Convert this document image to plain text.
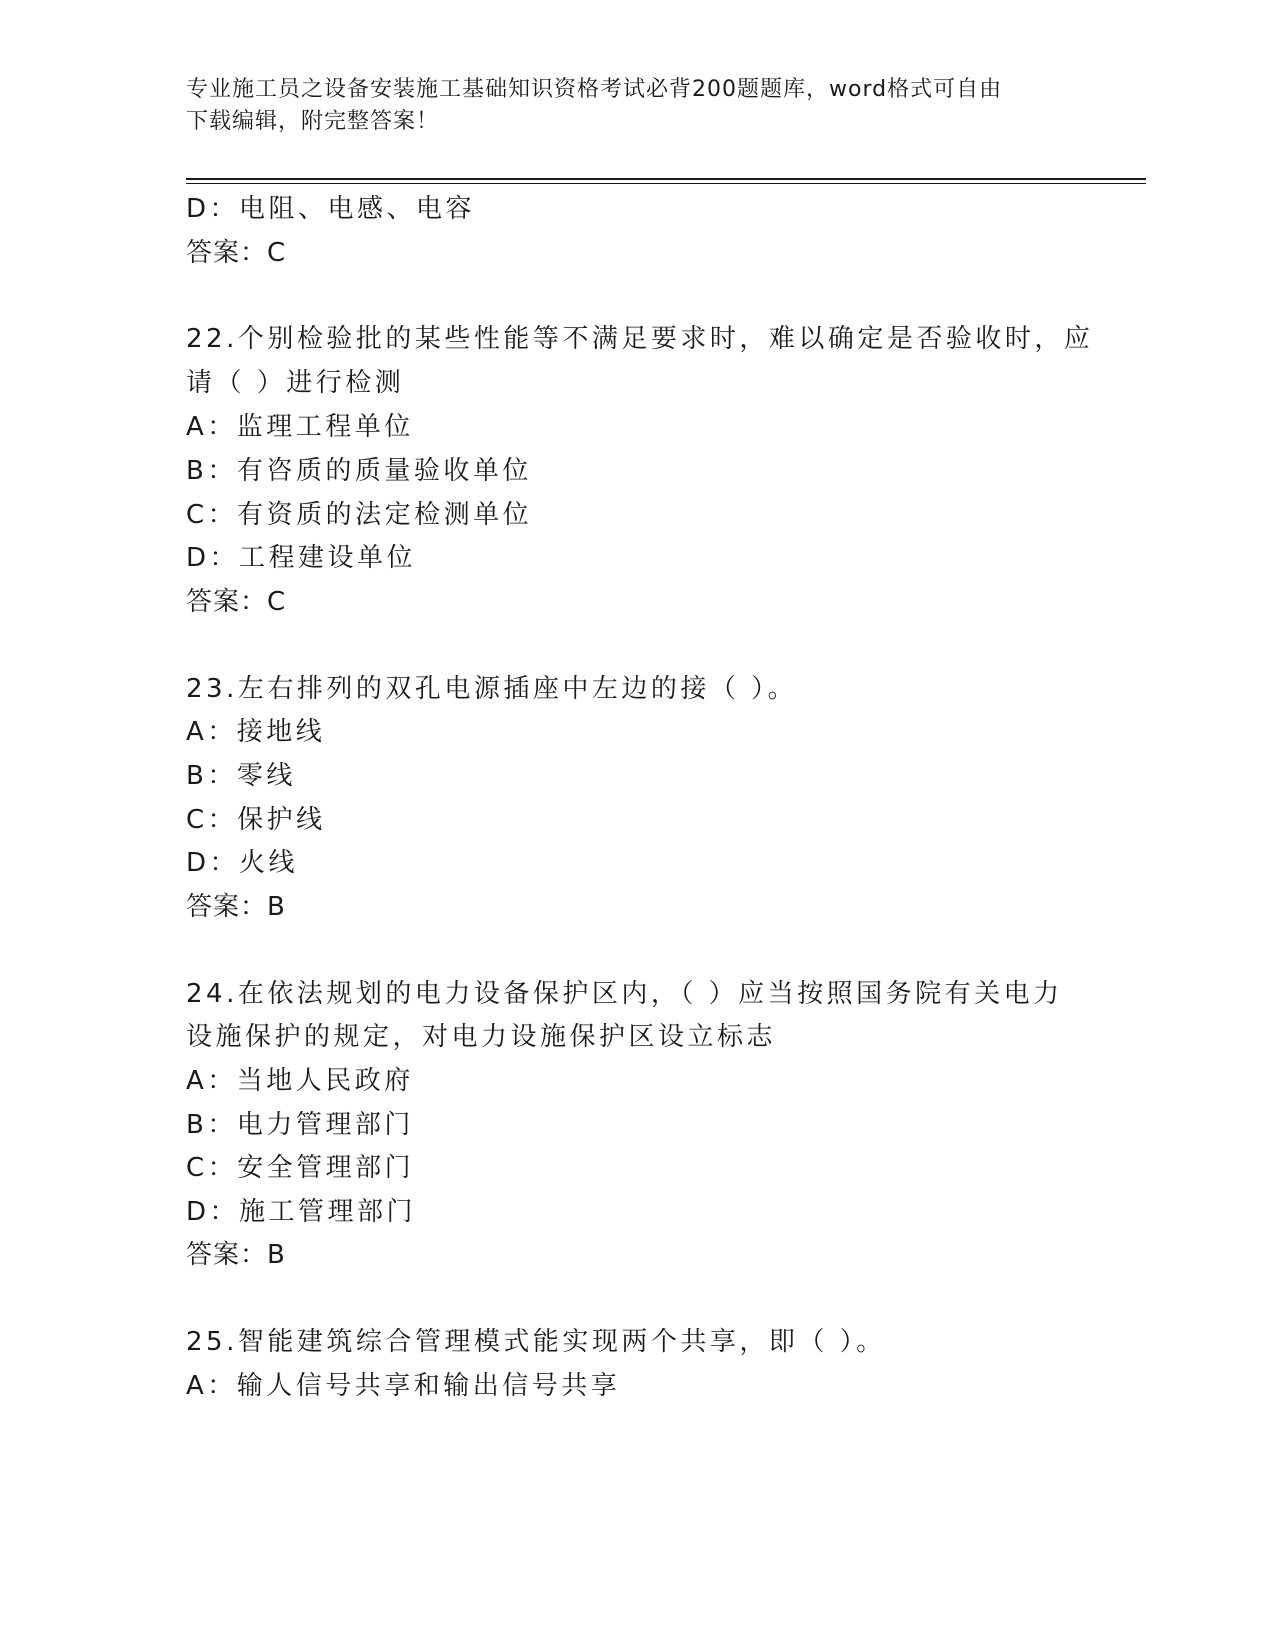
专业施工员之设备安装施工基础知识资格考试必背200题题库，word格式可自由
下载编辑，附完整答案！
D：电阻、电感、电容
答案：C
22.个别检验批的某些性能等不满足要求时，难以确定是否验收时，应
请（ ）进行检测
A：监理工程单位
B：有咨质的质量验收单位
C：有资质的法定检测单位
D：工程建设单位
答案：C
23.左右排列的双孔电源插座中左边的接（ ）。
A：接地线
B：零线
C：保护线
D：火线
答案：B
24.在依法规划的电力设备保护区内，（ ）应当按照国务院有关电力
设施保护的规定，对电力设施保护区设立标志
A：当地人民政府
B：电力管理部门
C：安全管理部门
D：施工管理部门
答案：B
25.智能建筑综合管理模式能实现两个共享，即（ ）。
A：输人信号共享和输出信号共享
